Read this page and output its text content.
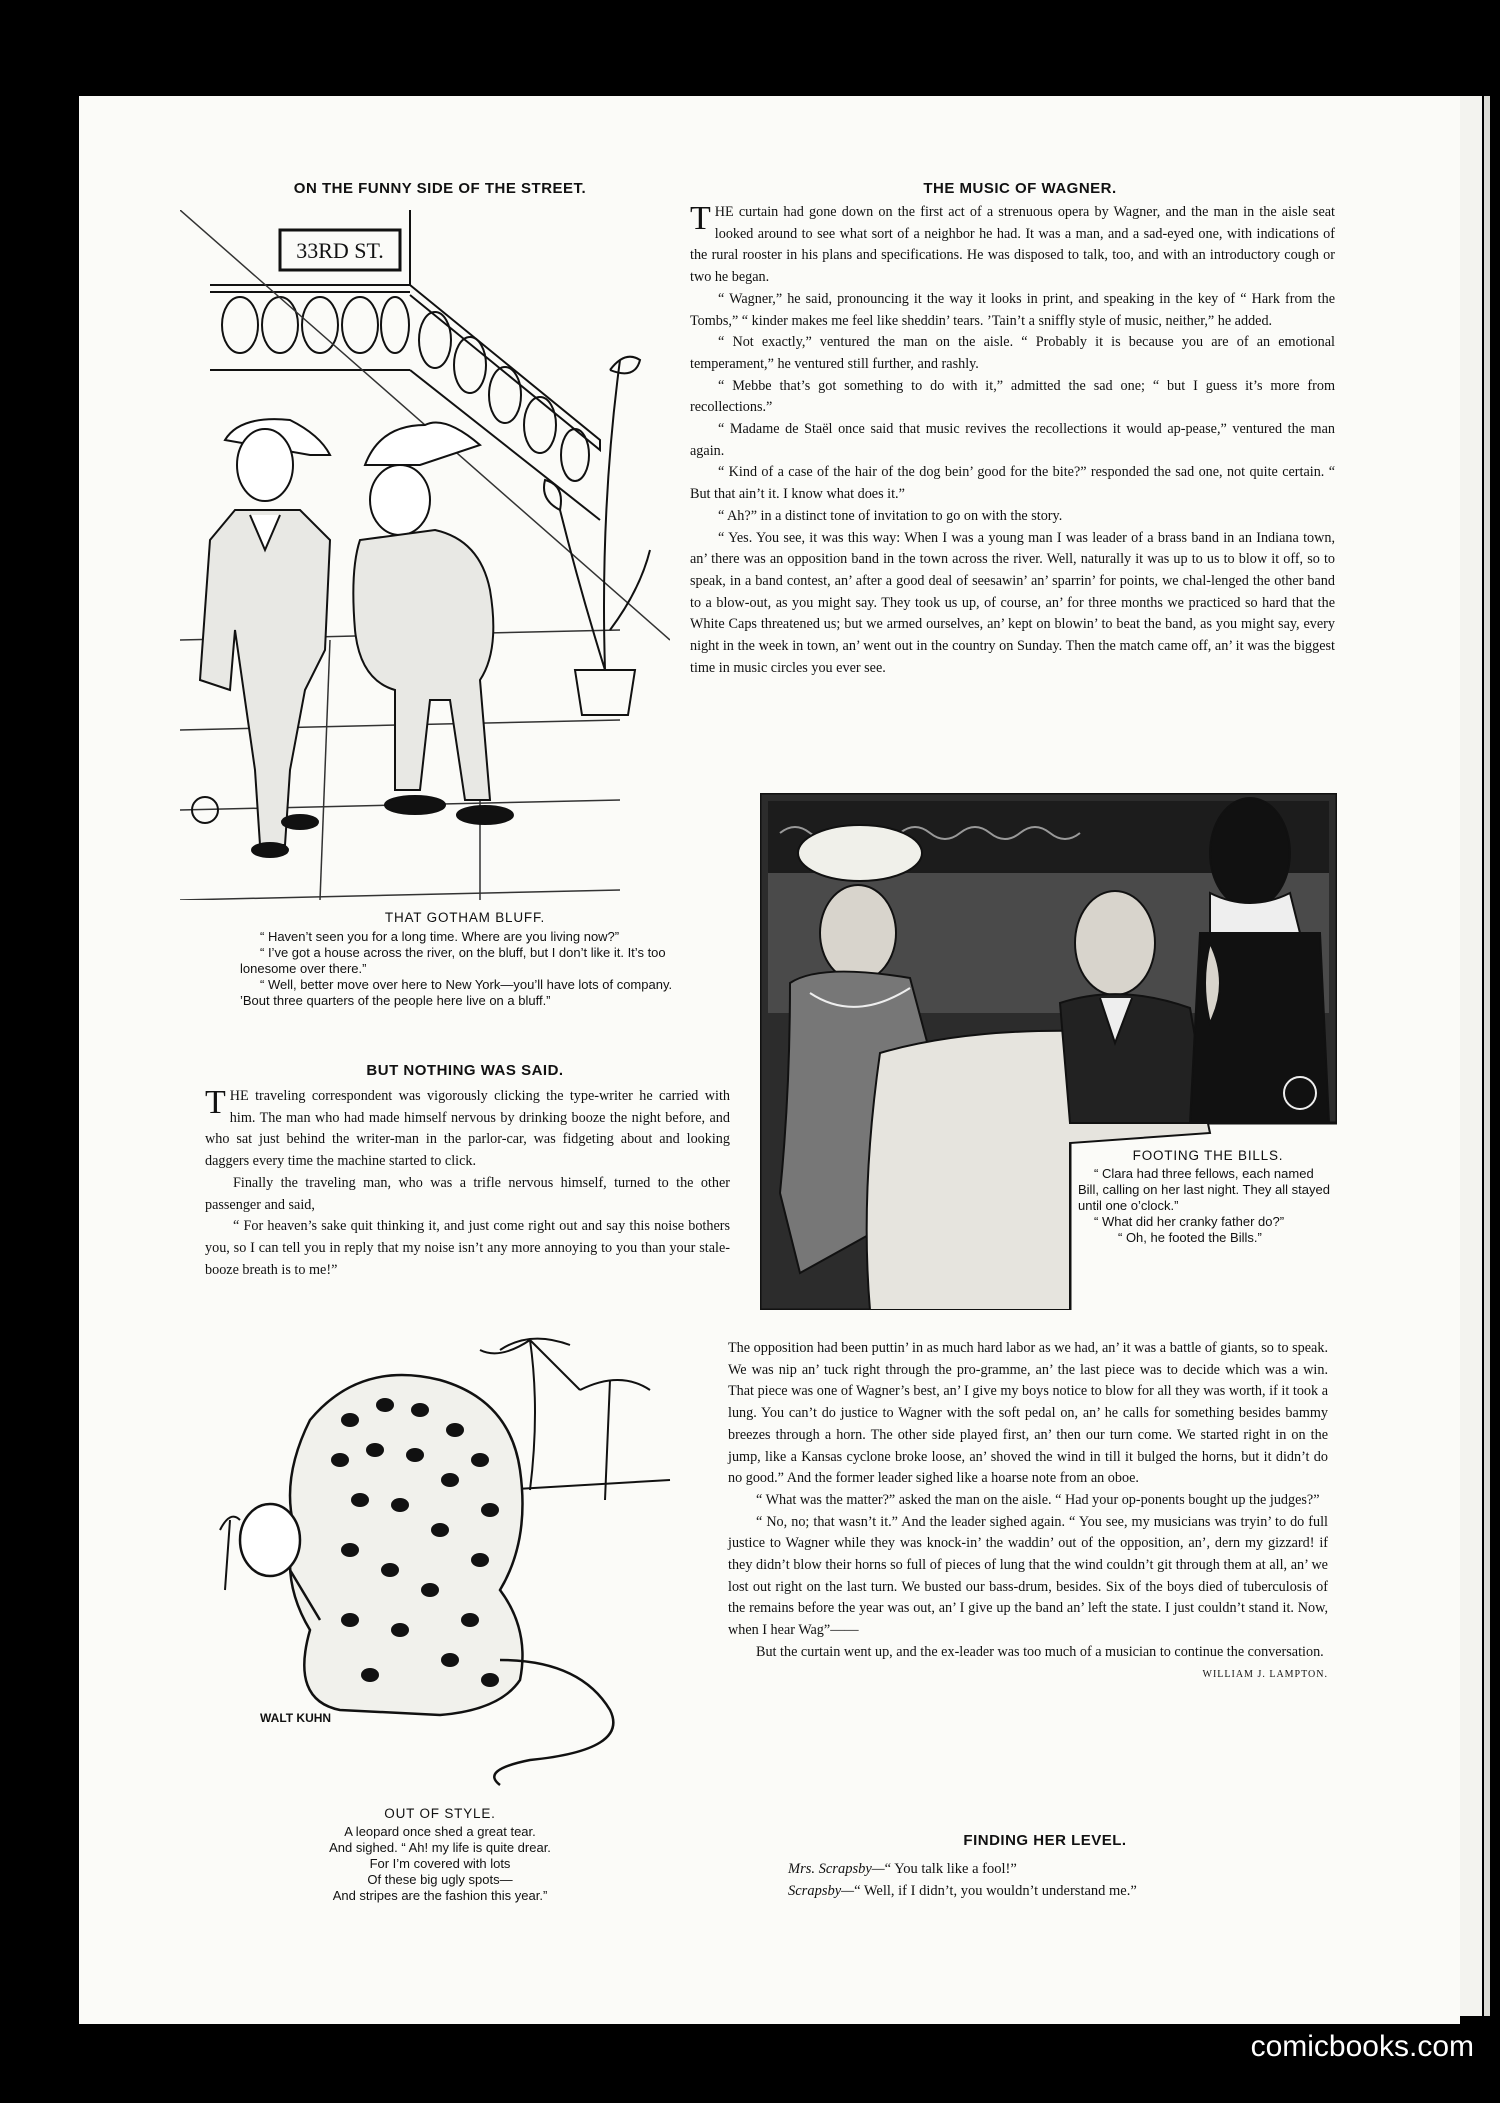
ON THE FUNNY SIDE OF THE STREET.
33RD ST.
THAT GOTHAM BLUFF.
“ Haven’t seen you for a long time. Where are you living now?”
“ I’ve got a house across the river, on the bluff, but I don’t like it. It’s too lonesome over there.”
“ Well, better move over here to New York—you’ll have lots of company. ’Bout three quarters of the people here live on a bluff.”
BUT NOTHING WAS SAID.

THE traveling correspondent was vigorously clicking the type-writer he carried with him. The man who had made himself nervous by drinking booze the night before, and who sat just behind the writer-man in the parlor-car, was fidgeting about and looking daggers every time the machine started to click.

Finally the traveling man, who was a trifle nervous himself, turned to the other passenger and said,

“ For heaven’s sake quit thinking it, and just come right out and say this noise bothers you, so I can tell you in reply that my noise isn’t any more annoying to you than your stale-booze breath is to me!”

WALT KUHN
OUT OF STYLE.
A leopard once shed a great tear.
And sighed. “ Ah! my life is quite drear.
For I’m covered with lots
Of these big ugly spots—
And stripes are the fashion this year.”
THE MUSIC OF WAGNER.

THE curtain had gone down on the first act of a strenuous opera by Wagner, and the man in the aisle seat looked around to see what sort of a neighbor he had. It was a man, and a sad-eyed one, with indications of the rural rooster in his plans and specifications. He was disposed to talk, too, and with an introductory cough or two he began.

“ Wagner,” he said, pronouncing it the way it looks in print, and speaking in the key of “ Hark from the Tombs,” “ kinder makes me feel like sheddin’ tears. ’Tain’t a sniffly style of music, neither,” he added.

“ Not exactly,” ventured the man on the aisle. “ Probably it is because you are of an emotional temperament,” he ventured still further, and rashly.

“ Mebbe that’s got something to do with it,” admitted the sad one; “ but I guess it’s more from recollections.”

“ Madame de Staël once said that music revives the recollections it would ap-pease,” ventured the man again.

“ Kind of a case of the hair of the dog bein’ good for the bite?” responded the sad one, not quite certain. “ But that ain’t it. I know what does it.”

“ Ah?” in a distinct tone of invitation to go on with the story.

“ Yes. You see, it was this way: When I was a young man I was leader of a brass band in an Indiana town, an’ there was an opposition band in the town across the river. Well, naturally it was up to us to blow it off, so to speak, in a band contest, an’ after a good deal of seesawin’ an’ sparrin’ for points, we chal-lenged the other band to a blow-out, as you might say. They took us up, of course, an’ for three months we practiced so hard that the White Caps threatened us; but we armed ourselves, an’ kept on blowin’ to beat the band, as you might say, every night in the week in town, an’ went out in the country on Sunday. Then the match came off, an’ it was the biggest time in music circles you ever see.

FOOTING THE BILLS.
“ Clara had three fellows, each named Bill, calling on her last night. They all stayed until one o’clock.”
“ What did her cranky father do?”
“ Oh, he footed the Bills.”

The opposition had been puttin’ in as much hard labor as we had, an’ it was a battle of giants, so to speak. We was nip an’ tuck right through the pro-gramme, an’ the last piece was to decide which was a win. That piece was one of Wagner’s best, an’ I give my boys notice to blow for all they was worth, if it took a lung. You can’t do justice to Wagner with the soft pedal on, an’ he calls for something besides bammy breezes through a horn. The other side played first, an’ then our turn come. We started right in on the jump, like a Kansas cyclone broke loose, an’ shoved the wind in till it bulged the horns, but it didn’t do no good.” And the former leader sighed like a hoarse note from an oboe.

“ What was the matter?” asked the man on the aisle. “ Had your op-ponents bought up the judges?”

“ No, no; that wasn’t it.” And the leader sighed again. “ You see, my musicians was tryin’ to do full justice to Wagner while they was knock-in’ the waddin’ out of the opposition, an’, dern my gizzard! if they didn’t blow their horns so full of pieces of lung that the wind couldn’t git through them at all, an’ we lost out right on the last turn. We busted our bass-drum, besides. Six of the boys died of tuberculosis of the remains before the year was out, an’ I give up the band an’ left the state. I just couldn’t stand it. Now, when I hear Wag”——

But the curtain went up, and the ex-leader was too much of a musician to continue the conversation.

WILLIAM J. LAMPTON.
FINDING HER LEVEL.
Mrs. Scrapsby—“ You talk like a fool!”
Scrapsby—“ Well, if I didn’t, you wouldn’t understand me.”
comicbooks.com
